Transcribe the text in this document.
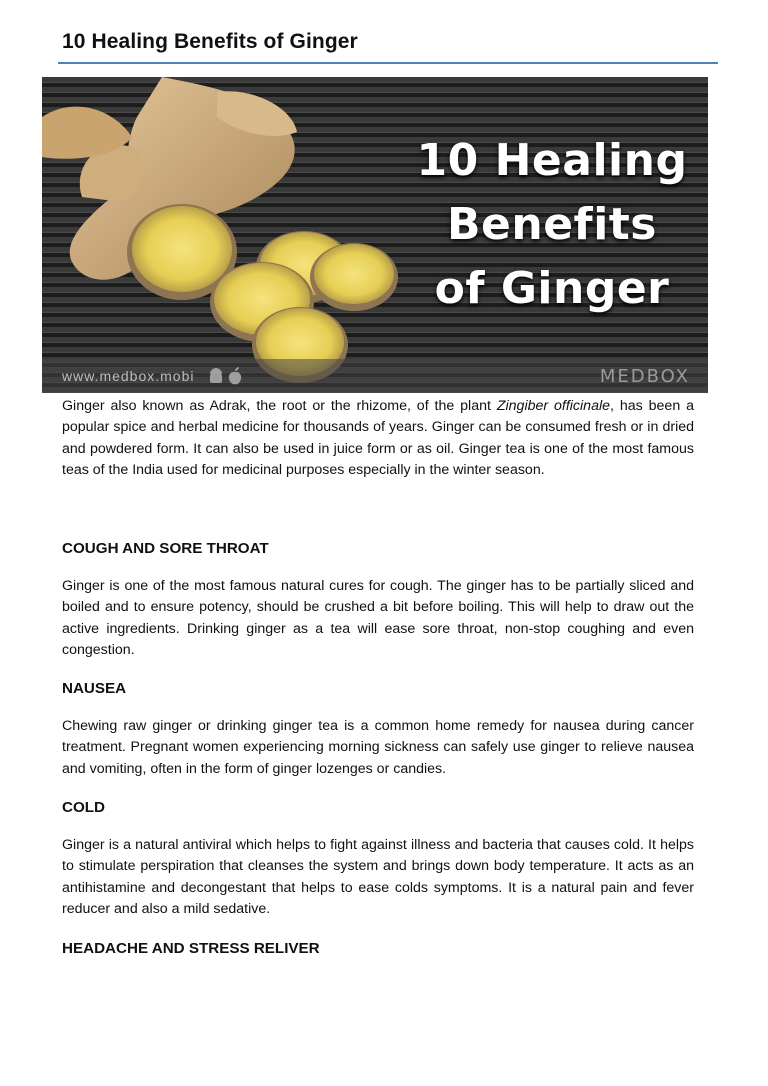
10 Healing Benefits of Ginger
10 Healing
Benefits
of Ginger
www.medbox.mobi	MEDBOX
Ginger also known as Adrak, the root or the rhizome, of the plant Zingiber officinale, has been a popular spice and herbal medicine for thousands of years. Ginger can be consumed fresh or in dried and powdered form. It can also be used in juice form or as oil. Ginger tea is one of the most famous teas of the India used for medicinal purposes especially in the winter season.
COUGH AND SORE THROAT
Ginger is one of the most famous natural cures for cough. The ginger has to be partially sliced and boiled and to ensure potency, should be crushed a bit before boiling. This will help to draw out the active ingredients. Drinking ginger as a tea will ease sore throat, non-stop coughing and even congestion.
NAUSEA
Chewing raw ginger or drinking ginger tea is a common home remedy for nausea during cancer treatment. Pregnant women experiencing morning sickness can safely use ginger to relieve nausea and vomiting, often in the form of ginger lozenges or candies.
COLD
Ginger is a natural antiviral which helps to fight against illness and bacteria that causes cold. It helps to stimulate perspiration that cleanses the system and brings down body temperature. It acts as an antihistamine and decongestant that helps to ease colds symptoms. It is a natural pain and fever reducer and also a mild sedative.
HEADACHE AND STRESS RELIVER
